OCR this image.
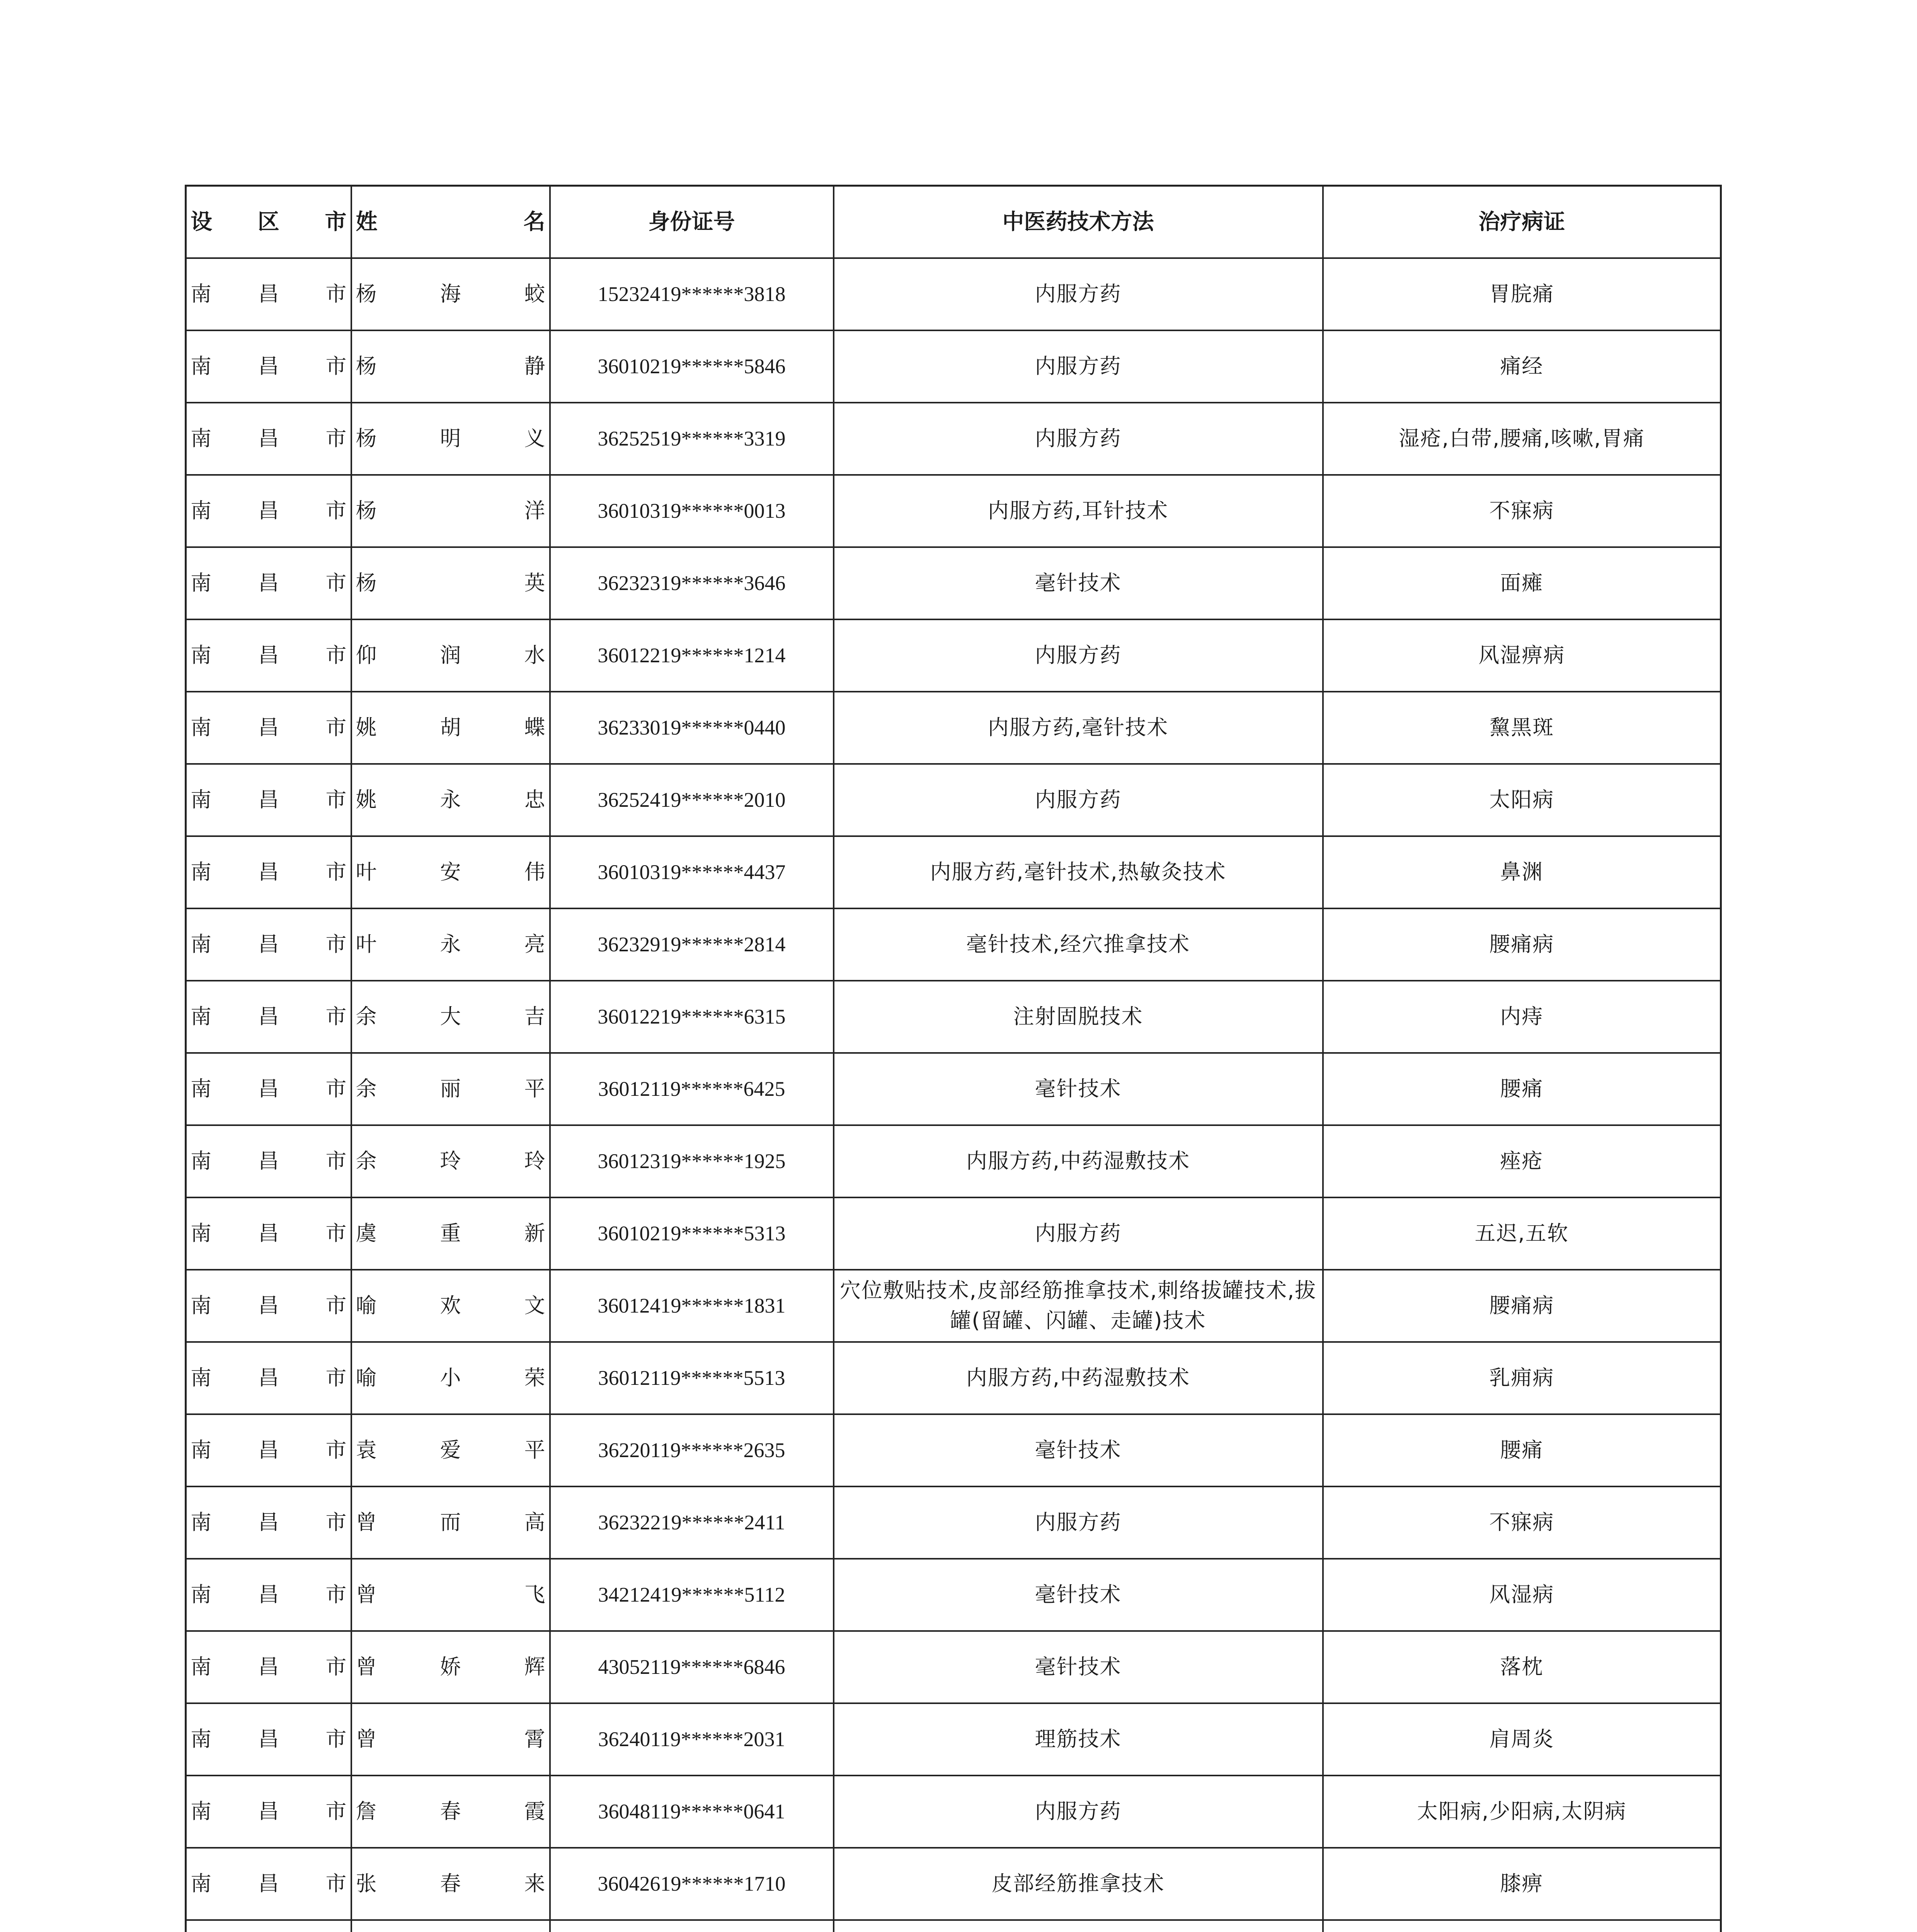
设 区 市	姓 名	身份证号	中医药技术方法	治疗病证
南 昌 市	杨 海 蛟	15232419******3818	内服方药	胃脘痛
南 昌 市	杨 静	36010219******5846	内服方药	痛经
南 昌 市	杨 明 义	36252519******3319	内服方药	湿疮,白带,腰痛,咳嗽,胃痛
南 昌 市	杨 洋	36010319******0013	内服方药,耳针技术	不寐病
南 昌 市	杨 英	36232319******3646	毫针技术	面瘫
南 昌 市	仰 润 水	36012219******1214	内服方药	风湿痹病
南 昌 市	姚 胡 蝶	36233019******0440	内服方药,毫针技术	黧黑斑
南 昌 市	姚 永 忠	36252419******2010	内服方药	太阳病
南 昌 市	叶 安 伟	36010319******4437	内服方药,毫针技术,热敏灸技术	鼻渊
南 昌 市	叶 永 亮	36232919******2814	毫针技术,经穴推拿技术	腰痛病
南 昌 市	余 大 吉	36012219******6315	注射固脱技术	内痔
南 昌 市	余 丽 平	36012119******6425	毫针技术	腰痛
南 昌 市	余 玲 玲	36012319******1925	内服方药,中药湿敷技术	痤疮
南 昌 市	虞 重 新	36010219******5313	内服方药	五迟,五软
南 昌 市	喻 欢 文	36012419******1831	穴位敷贴技术,皮部经筋推拿技术,刺络拔罐技术,拔罐(留罐、闪罐、走罐)技术	腰痛病
南 昌 市	喻 小 荣	36012119******5513	内服方药,中药湿敷技术	乳痈病
南 昌 市	袁 爱 平	36220119******2635	毫针技术	腰痛
南 昌 市	曾 而 高	36232219******2411	内服方药	不寐病
南 昌 市	曾 飞	34212419******5112	毫针技术	风湿病
南 昌 市	曾 娇 辉	43052119******6846	毫针技术	落枕
南 昌 市	曾 霄	36240119******2031	理筋技术	肩周炎
南 昌 市	詹 春 霞	36048119******0641	内服方药	太阳病,少阳病,太阴病
南 昌 市	张 春 来	36042619******1710	皮部经筋推拿技术	膝痹
